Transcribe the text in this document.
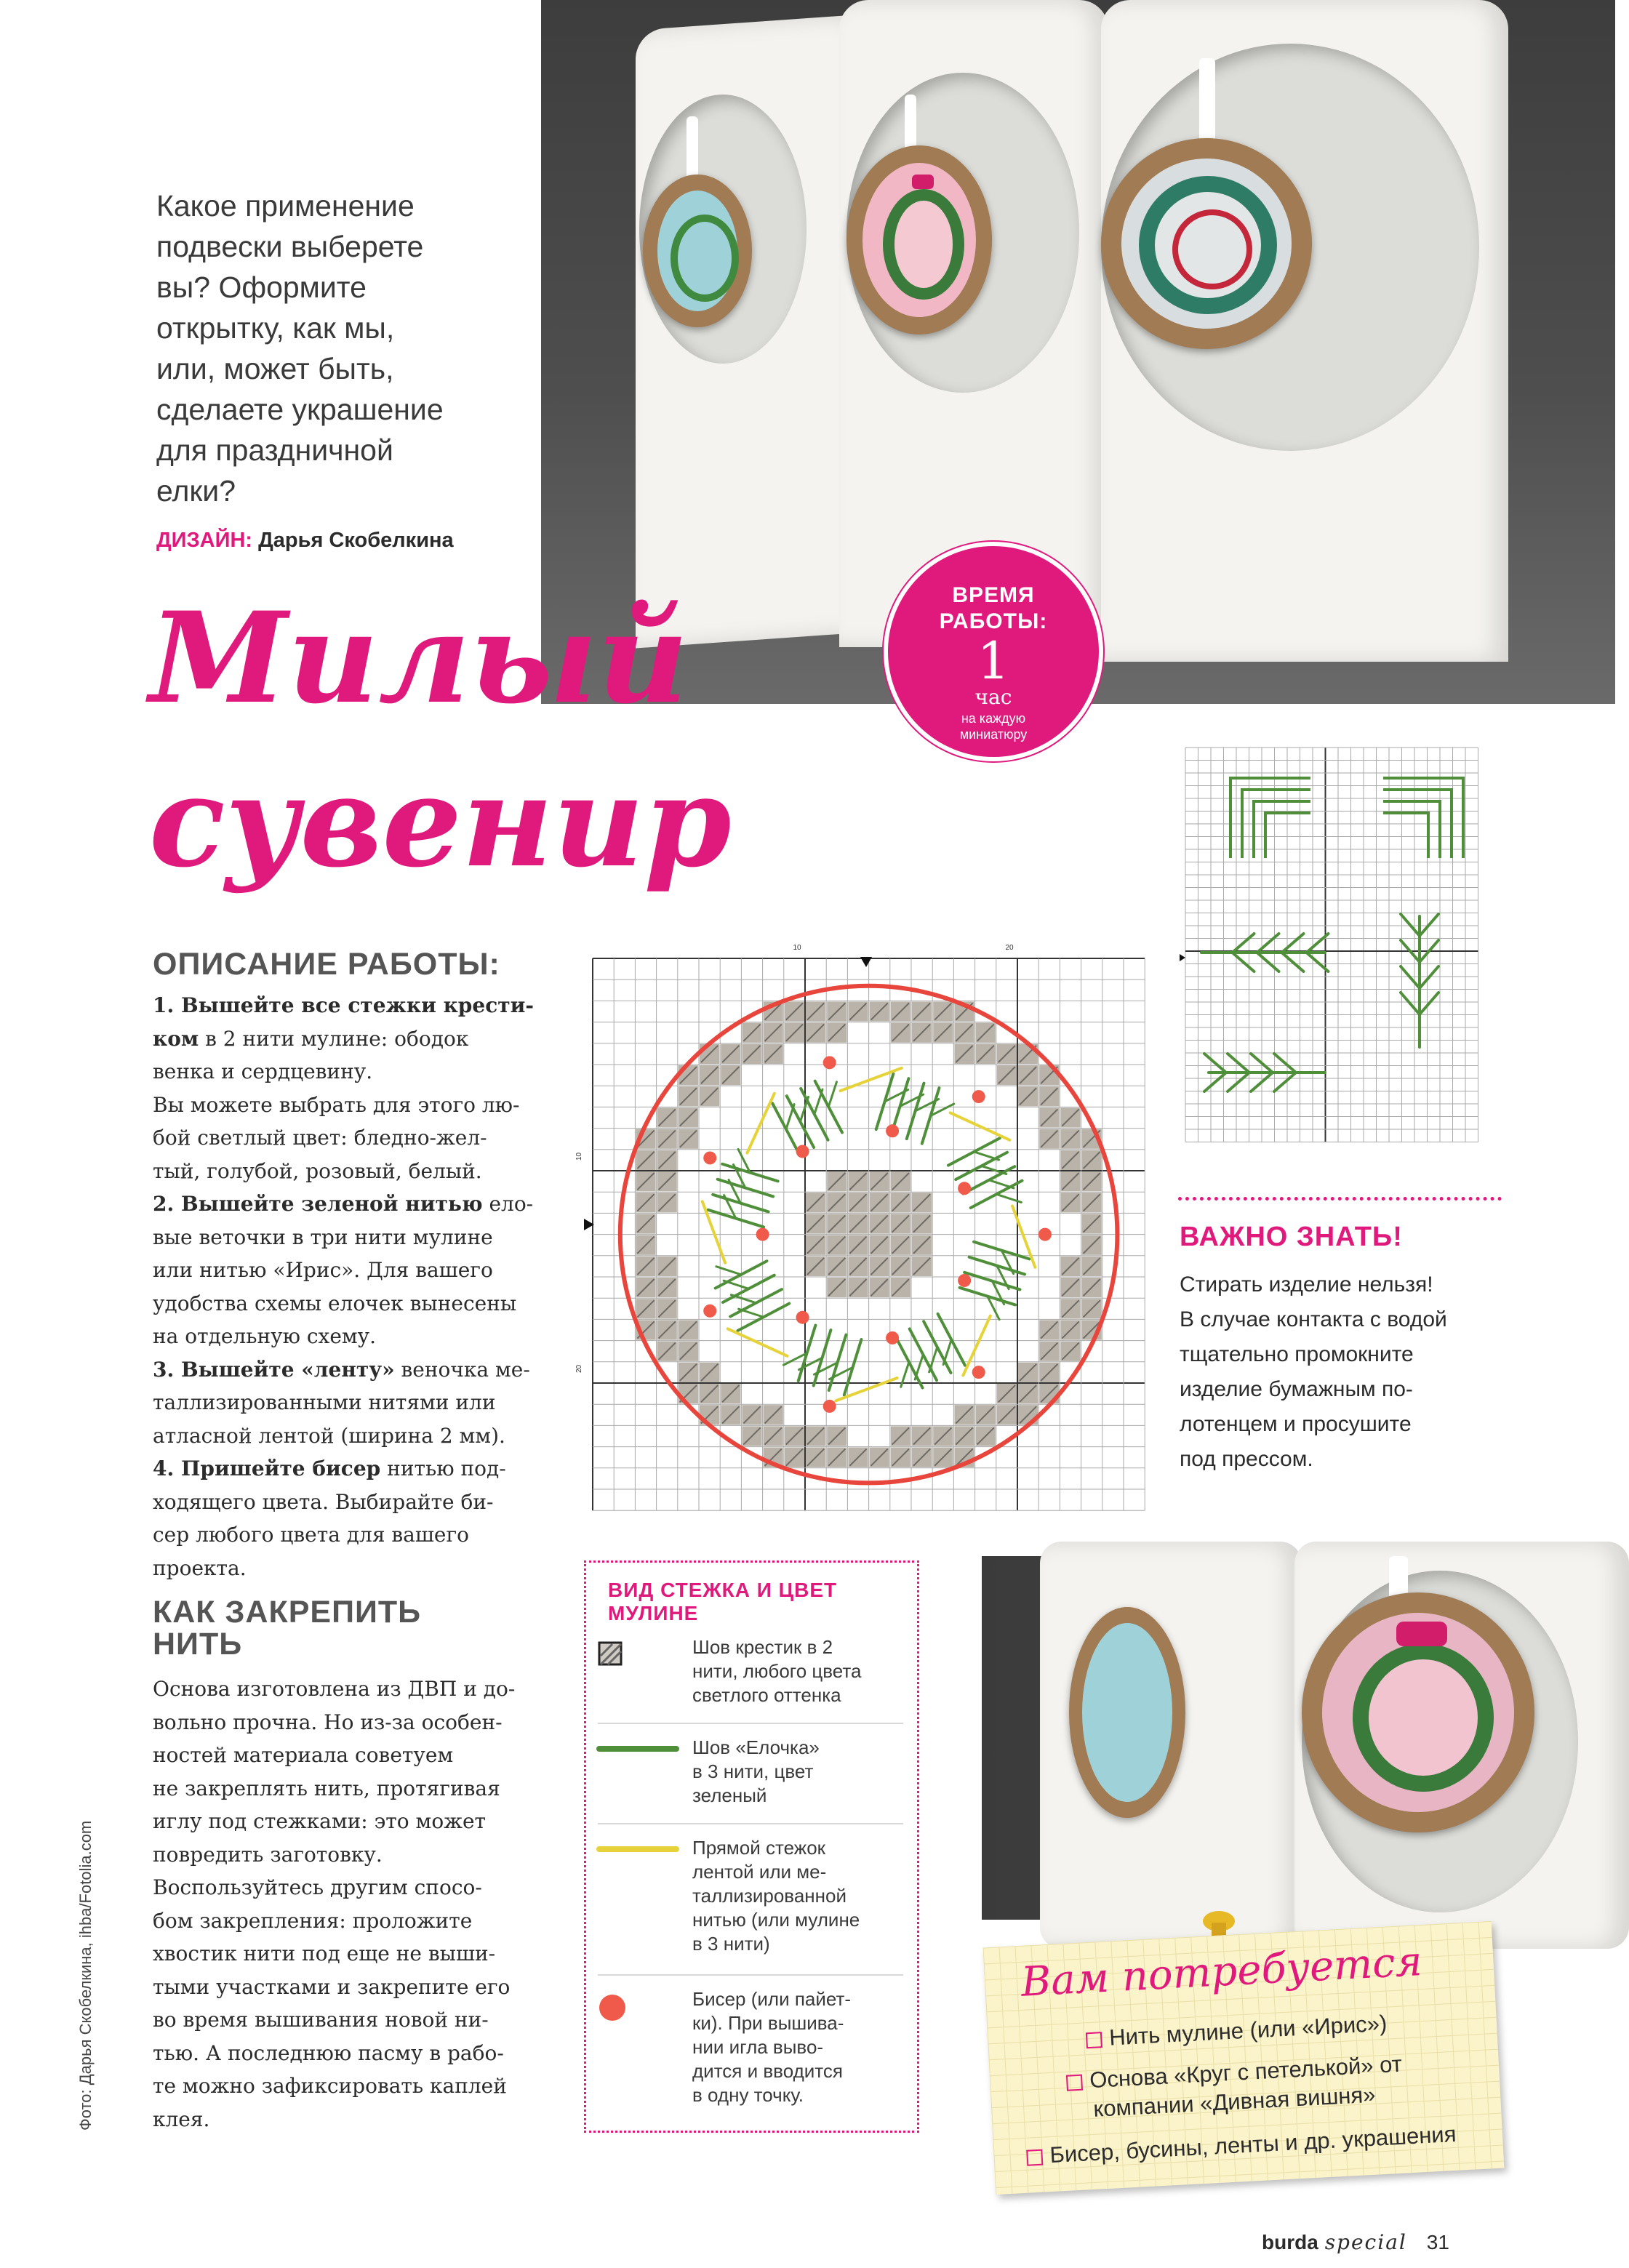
Какое применение
подвески выберете
вы? Оформите
открытку, как мы,
или, может быть,
сделаете украшение
для праздничной
елки?
ДИЗАЙН: Дарья Скобелкина
Милый
сувенир
ВРЕМЯ
РАБОТЫ:
1
час
на каждую
миниатюру
ОПИСАНИЕ РАБОТЫ:
1. Вышейте все стежки крести-
ком в 2 нити мулине: ободок
венка и сердцевину.
Вы можете выбрать для этого лю-
бой светлый цвет: бледно-жел-
тый, голубой, розовый, белый.
2. Вышейте зеленой нитью ело-
вые веточки в три нити мулине
или нитью «Ирис». Для вашего
удобства схемы елочек вынесены
на отдельную схему.
3. Вышейте «ленту» веночка ме-
таллизированными нитями или
атласной лентой (ширина 2 мм).
4. Пришейте бисер нитью под-
ходящего цвета. Выбирайте би-
сер любого цвета для вашего
проекта.
КАК ЗАКРЕПИТЬ
НИТЬ
Основа изготовлена из ДВП и до-
вольно прочна. Но из-за особен-
ностей материала советуем
не закреплять нить, протягивая
иглу под стежками: это может
повредить заготовку.
Воспользуйтесь другим спосо-
бом закрепления: проложите
хвостик нити под еще не выши-
тыми участками и закрепите его
во время вышивания новой ни-
тью. А последнюю пасму в рабо-
те можно зафиксировать каплей
клея.
10	20
10
20
ВАЖНО ЗНАТЬ!
Стирать изделие нельзя!
В случае контакта с водой
тщательно промокните
изделие бумажным по-
лотенцем и просушите
под прессом.
ВИД СТЕЖКА И ЦВЕТ
МУЛИНЕ
Шов крестик в 2
нити, любого цвета
светлого оттенка
Шов «Елочка»
в 3 нити, цвет
зеленый
Прямой стежок
лентой или ме-
таллизированной
нитью (или мулине
в 3 нити)
Бисер (или пайет-
ки). При вышива-
нии игла выво-
дится и вводится
в одну точку.
Фото: Дарья Скобелкина, ihba/Fotolia.com	Вам потребуется
Нить мулине (или «Ирис»)
Основа «Круг с петелькой» от
компании «Дивная вишня»
Бисер, бусины, ленты и др. украшения
burda special 31
